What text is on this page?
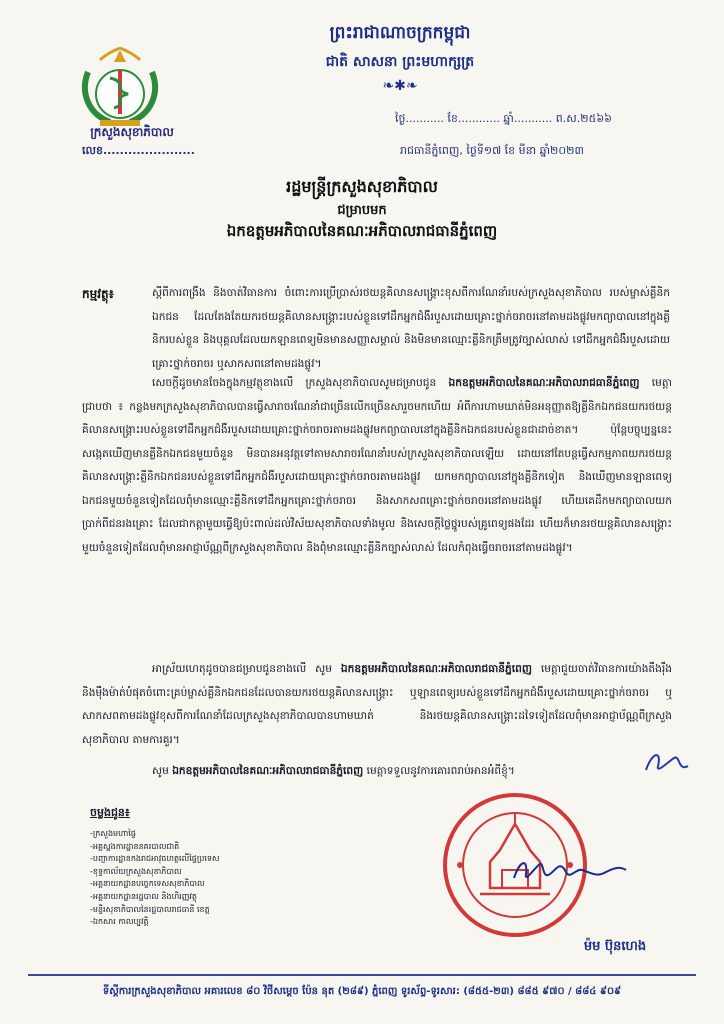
ក្រសួងសុខាភិបាល
ព្រះរាជាណាចក្រកម្ពុជា
ជាតិ សាសនា ព្រះមហាក្សត្រ
❧✱❧
ថ្ងៃ........... ខែ............ ឆ្នាំ........... ព.ស.២៥៦៦
លេខ......................	រាជធានីភ្នំពេញ, ថ្ងៃទី១៧ ខែ មីនា ឆ្នាំ២០២៣
រដ្ឋមន្ត្រីក្រសួងសុខាភិបាល
ជម្រាបមក
ឯកឧត្តមអភិបាលនៃគណៈអភិបាលរាជធានីភ្នំពេញ
កម្មវត្ថុ៖	ស្តីពីការពង្រឹង និងចាត់វិធានការ ចំពោះការប្រើប្រាស់រថយន្តគិលានសង្គ្រោះខុសពីការណែនាំរបស់ក្រសួងសុខាភិបាល របស់ម្ចាស់គ្លីនិកឯកជន ដែលតែងតែយករថយន្តគិលានសង្គ្រោះរបស់ខ្លួនទៅដឹកអ្នកជំងឺរបួសដោយគ្រោះថ្នាក់ចរាចរនៅតាមដងផ្លូវមកព្យាបាលនៅក្នុងគ្លីនិករបស់ខ្លួន និងបុគ្គលដែលយកឡានពេទ្យមិនមានសញ្ញាសម្គាល់ និងមិនមានឈ្មោះគ្លីនិកត្រឹមត្រូវច្បាស់លាស់ ទៅដឹកអ្នកជំងឺរបួសដោយគ្រោះថ្នាក់ចរាចរ ឬសាកសពនៅតាមដងផ្លូវ។
សេចក្តីដូចមានចែងក្នុងកម្មវត្ថុខាងលើ ក្រសួងសុខាភិបាលសូមជម្រាបជូន ឯកឧត្តមអភិបាលនៃគណៈអភិបាលរាជធានីភ្នំពេញ មេត្តាជ្រាបថា ៖ កន្លងមកក្រសួងសុខាភិបាលបានធ្វើសារាចរណែនាំជាច្រើនលើកច្រើនសារួចមកហើយ អំពីការហាមឃាត់មិនអនុញ្ញាតឱ្យគ្លីនិកឯកជនយករថយន្តគិលានសង្គ្រោះរបស់ខ្លួនទៅដឹកអ្នកជំងឺរបួសដោយគ្រោះថ្នាក់ចរាចរតាមដងផ្លូវមកព្យាបាលនៅក្នុងគ្លីនិកឯកជនរបស់ខ្លួនជាដាច់ខាត។ ប៉ុន្តែបច្ចុប្បន្ននេះ សង្កេតឃើញមានគ្លីនិកឯកជនមួយចំនួន មិនបានអនុវត្តទៅតាមសារាចរណែនាំរបស់ក្រសួងសុខាភិបាលឡើយ ដោយនៅតែបន្តធ្វើសកម្មភាពយករថយន្តគិលានសង្គ្រោះគ្លីនិកឯកជនរបស់ខ្លួនទៅដឹកអ្នកជំងឺរបួសដោយគ្រោះថ្នាក់ចរាចរតាមដងផ្លូវ យកមកព្យាបាលនៅក្នុងគ្លីនិកទៀត និងឃើញមានឡានពេទ្យឯកជនមួយចំនួនទៀតដែលពុំមានឈ្មោះគ្លីនិកទៅដឹកអ្នកគ្រោះថ្នាក់ចរាចរ និងសាកសពគ្រោះថ្នាក់ចរាចរនៅតាមដងផ្លូវ ហើយគេដឹកមកព្យាបាលយកប្រាក់ពីជនរងគ្រោះ ដែលជាកត្តាមួយធ្វើឱ្យប៉ះពាល់ដល់វិស័យសុខាភិបាលទាំងមូល និងសេចក្តីថ្លៃថ្នូរបស់គ្រូពេទ្យផងដែរ ហើយក៏មានរថយន្តគិលានសង្គ្រោះមួយចំនួនទៀតដែលពុំមានអាជ្ញាប័ណ្ណពីក្រសួងសុខាភិបាល និងពុំមានឈ្មោះគ្លីនិកច្បាស់លាស់ ដែលកំពុងធ្វើចរាចរនៅតាមដងផ្លូវ។
អាស្រ័យហេតុដូចបានជម្រាបជូនខាងលើ សូម ឯកឧត្តមអភិបាលនៃគណៈអភិបាលរាជធានីភ្នំពេញ មេត្តាជួយចាត់វិធានការយ៉ាងតឹងរ៉ឹង និងម៉ឺងម៉ាត់បំផុតចំពោះគ្រប់ម្ចាស់គ្លីនិកឯកជនដែលបានយករថយន្តគិលានសង្គ្រោះ ឬឡានពេទ្យរបស់ខ្លួនទៅដឹកអ្នកជំងឺរបួសដោយគ្រោះថ្នាក់ចរាចរ ឬសាកសពតាមដងផ្លូវខុសពីការណែនាំដែលក្រសួងសុខាភិបាលបានហាមឃាត់ និងរថយន្តគិលានសង្គ្រោះដទៃទៀតដែលពុំមានអាជ្ញាប័ណ្ណពីក្រសួងសុខាភិបាល តាមការគួរ។
សូម ឯកឧត្តមអភិបាលនៃគណៈអភិបាលរាជធានីភ្នំពេញ មេត្តាទទួលនូវការគោរពរាប់អានអំពីខ្ញុំ។
ចម្លងជូន៖
-ក្រសួងមហាផ្ទៃ
-អគ្គស្នងការដ្ឋាននគរបាលជាតិ
-បញ្ជាការដ្ឋានកងរាជអាវុធហត្ថលើផ្ទៃប្រទេស
-ខុទ្ទកាល័យក្រសួងសុខាភិបាល
-អគ្គនាយកដ្ឋានបច្ចេកទេសសុខាភិបាល
-អគ្គនាយកដ្ឋានរដ្ឋបាល និងហិរញ្ញវត្ថុ
-មន្ទីរសុខាភិបាលនៃរដ្ឋបាលរាជធានី ខេត្ត
-ឯកសារ កាលប្បវត្តិ
ម៉ម ប៊ុនហេង
ទីស្តីការក្រសួងសុខាភិបាល អគារលេខ ៨០ វិថីសម្តេច ប៉ែន នុត (២៨៩) ភ្នំពេញ ទូរស័ព្ទ-ទូរសារ: (៨៥៥-២៣) ៨៨៥ ៩៧០ / ៨៨៤ ៩០៩
